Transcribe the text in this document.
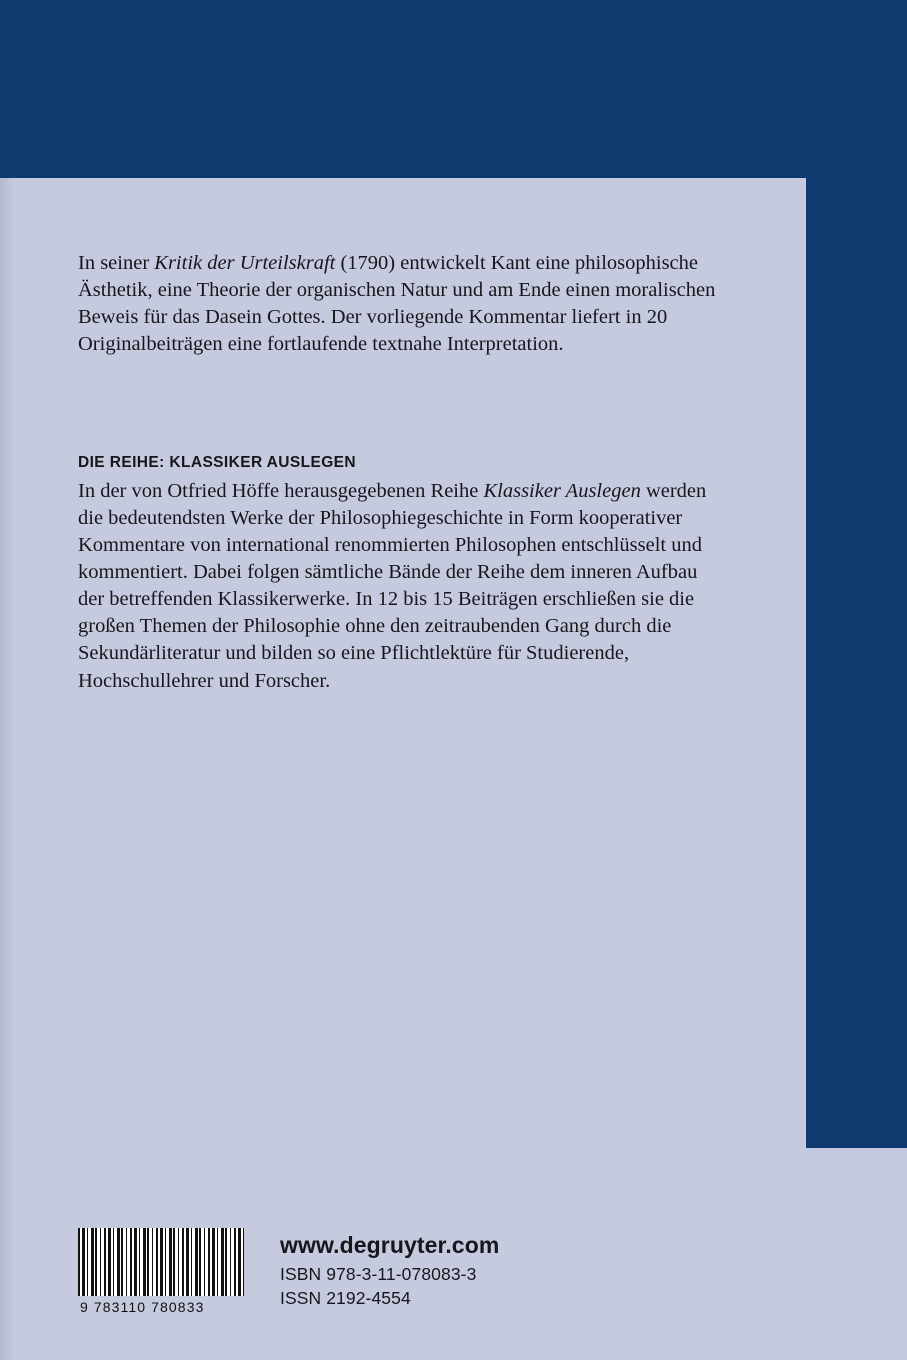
In seiner Kritik der Urteilskraft (1790) entwickelt Kant eine philosophische Ästhetik, eine Theorie der organischen Natur und am Ende einen moralischen Beweis für das Dasein Gottes. Der vorliegende Kommentar liefert in 20 Originalbeiträgen eine fortlaufende textnahe Interpretation.

DIE REIHE: KLASSIKER AUSLEGEN

In der von Otfried Höffe herausgegebenen Reihe Klassiker Auslegen werden die bedeutendsten Werke der Philosophiegeschichte in Form kooperativer Kommentare von international renommierten Philosophen entschlüsselt und kommentiert. Dabei folgen sämtliche Bände der Reihe dem inneren Aufbau der betreffenden Klassikerwerke. In 12 bis 15 Beiträgen erschließen sie die großen Themen der Philosophie ohne den zeitraubenden Gang durch die Sekundärliteratur und bilden so eine Pflichtlektüre für Studierende, Hochschullehrer und Forscher.

9 783110 780833

www.degruyter.com

ISBN 978-3-11-078083-3

ISSN 2192-4554
